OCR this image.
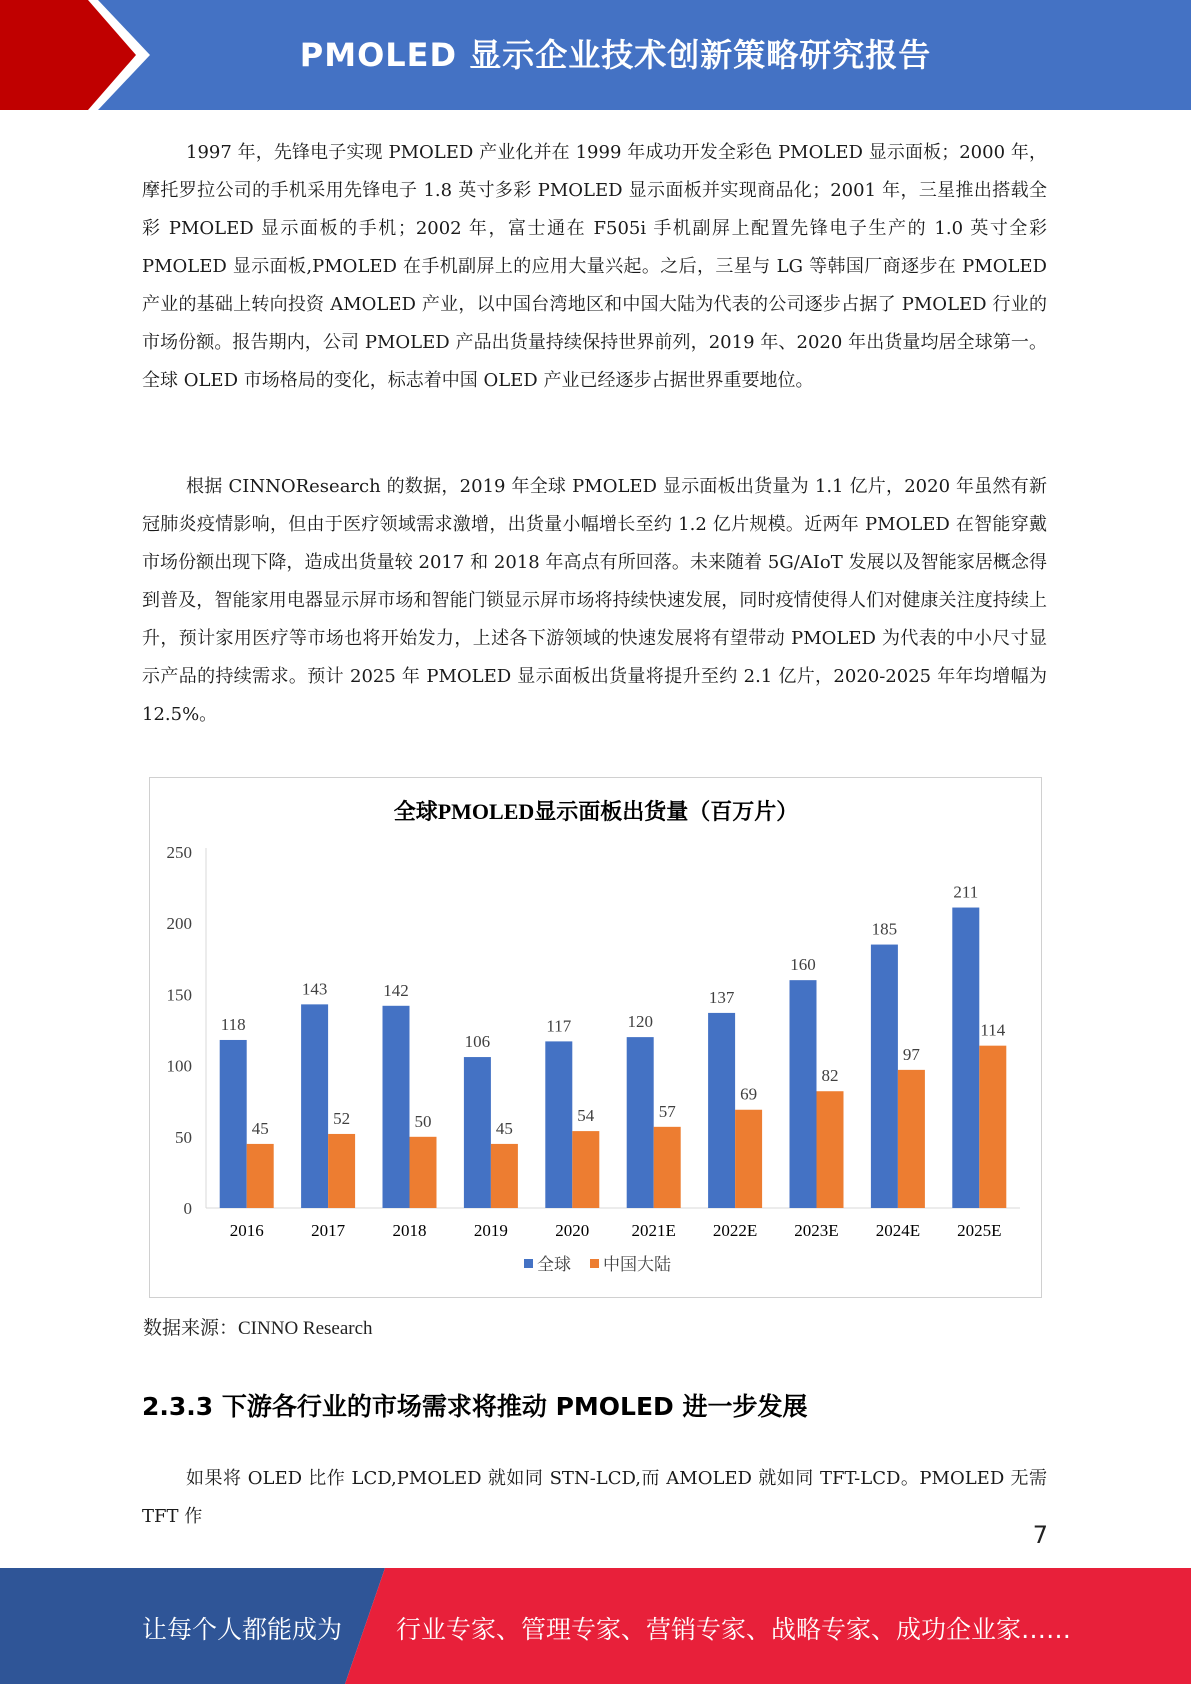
PMOLED 显示企业技术创新策略研究报告

1997 年，先锋电子实现 PMOLED 产业化并在 1999 年成功开发全彩色 PMOLED 显示面板；2000 年，摩托罗拉公司的手机采用先锋电子 1.8 英寸多彩 PMOLED 显示面板并实现商品化；2001 年，三星推出搭载全彩 PMOLED 显示面板的手机；2002 年，富士通在 F505i 手机副屏上配置先锋电子生产的 1.0 英寸全彩 PMOLED 显示面板,PMOLED 在手机副屏上的应用大量兴起。之后，三星与 LG 等韩国厂商逐步在 PMOLED 产业的基础上转向投资 AMOLED 产业，以中国台湾地区和中国大陆为代表的公司逐步占据了 PMOLED 行业的市场份额。报告期内，公司 PMOLED 产品出货量持续保持世界前列，2019 年、2020 年出货量均居全球第一。全球 OLED 市场格局的变化，标志着中国 OLED 产业已经逐步占据世界重要地位。

根据 CINNOResearch 的数据，2019 年全球 PMOLED 显示面板出货量为 1.1 亿片，2020 年虽然有新冠肺炎疫情影响，但由于医疗领域需求激增，出货量小幅增长至约 1.2 亿片规模。近两年 PMOLED 在智能穿戴市场份额出现下降，造成出货量较 2017 和 2018 年高点有所回落。未来随着 5G/AIoT 发展以及智能家居概念得到普及，智能家用电器显示屏市场和智能门锁显示屏市场将持续快速发展，同时疫情使得人们对健康关注度持续上升，预计家用医疗等市场也将开始发力，上述各下游领域的快速发展将有望带动 PMOLED 为代表的中小尺寸显示产品的持续需求。预计 2025 年 PMOLED 显示面板出货量将提升至约 2.1 亿片，2020-2025 年年均增幅为 12.5%。

全球PMOLED显示面板出货量（百万片）
0
50
100
150
200
250
118
45
2016
143
52
2017
142
50
2018
106
45
2019
117
54
2020
120
57
2021E
137
69
2022E
160
82
2023E
185
97
2024E
211
114
2025E
全球 中国大陆
数据来源：CINNO Research
2.3.3 下游各行业的市场需求将推动 PMOLED 进一步发展

如果将 OLED 比作 LCD,PMOLED 就如同 STN-LCD,而 AMOLED 就如同 TFT-LCD。PMOLED 无需 TFT 作

7
让每个人都能成为 行业专家、管理专家、营销专家、战略专家、成功企业家……
